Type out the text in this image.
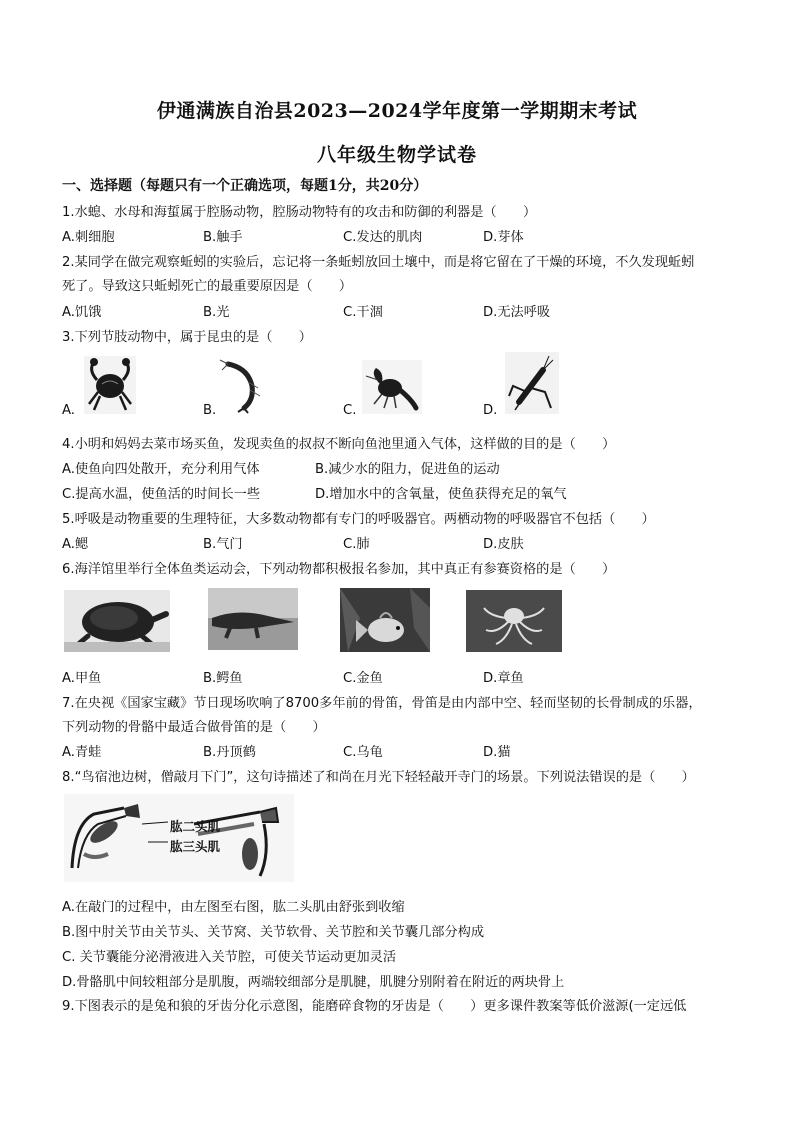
伊通满族自治县2023—2024学年度第一学期期末考试
八年级生物学试卷
一、选择题（每题只有一个正确选项，每题1分，共20分）
1.水螅、水母和海蜇属于腔肠动物，腔肠动物特有的攻击和防御的利器是（　　）
A.刺细胞	B.触手	C.发达的肌肉	D.芽体
2.某同学在做完观察蚯蚓的实验后，忘记将一条蚯蚓放回土壤中，而是将它留在了干燥的环境，不久发现蚯蚓
死了。导致这只蚯蚓死亡的最重要原因是（　　）
A.饥饿	B.光	C.干涸	D.无法呼吸
3.下列节肢动物中，属于昆虫的是（　　）
A.	B.	C.	D.
4.小明和妈妈去菜市场买鱼，发现卖鱼的叔叔不断向鱼池里通入气体，这样做的目的是（　　）
A.使鱼向四处散开，充分利用气体	B.减少水的阻力，促进鱼的运动
C.提高水温，使鱼活的时间长一些	D.增加水中的含氧量，使鱼获得充足的氧气
5.呼吸是动物重要的生理特征，大多数动物都有专门的呼吸器官。两栖动物的呼吸器官不包括（　　）
A.鳃	B.气门	C.肺	D.皮肤
6.海洋馆里举行全体鱼类运动会，下列动物都积极报名参加，其中真正有参赛资格的是（　　）
A.甲鱼	B.鳄鱼	C.金鱼	D.章鱼
7.在央视《国家宝藏》节日现场吹响了8700多年前的骨笛，骨笛是由内部中空、轻而坚韧的长骨制成的乐器，
下列动物的骨骼中最适合做骨笛的是（　　）
A.青蛙	B.丹顶鹤	C.乌龟	D.猫
8.“鸟宿池边树，僧敲月下门”，这句诗描述了和尚在月光下轻轻敲开寺门的场景。下列说法错误的是（　　）
肱二头肌
肱三头肌
A.在敲门的过程中，由左图至右图，肱二头肌由舒张到收缩
B.图中肘关节由关节头、关节窝、关节软骨、关节腔和关节囊几部分构成
C. 关节囊能分泌滑液进入关节腔，可使关节运动更加灵活
D.骨骼肌中间较粗部分是肌腹，两端较细部分是肌腱，肌腱分别附着在附近的两块骨上
9.下图表示的是兔和狼的牙齿分化示意图，能磨碎食物的牙齿是（　　）更多课件教案等低价滋源(一定远低
